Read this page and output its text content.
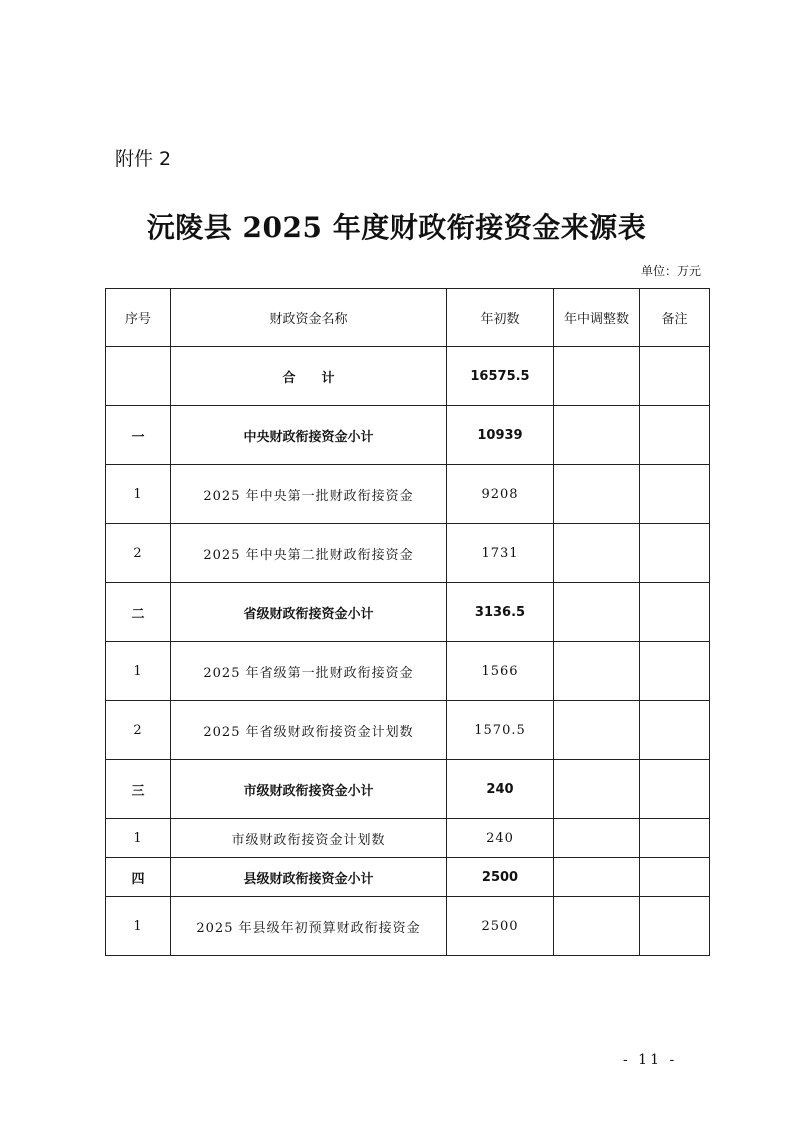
附件 2
沅陵县 2025 年度财政衔接资金来源表
单位：万元
序号	财政资金名称	年初数	年中调整数	备注
	合　　计	16575.5		
一	中央财政衔接资金小计	10939		
1	2025 年中央第一批财政衔接资金	9208		
2	2025 年中央第二批财政衔接资金	1731		
二	省级财政衔接资金小计	3136.5		
1	2025 年省级第一批财政衔接资金	1566		
2	2025 年省级财政衔接资金计划数	1570.5		
三	市级财政衔接资金小计	240		
1	市级财政衔接资金计划数	240		
四	县级财政衔接资金小计	2500		
1	2025 年县级年初预算财政衔接资金	2500		
- 11 -
